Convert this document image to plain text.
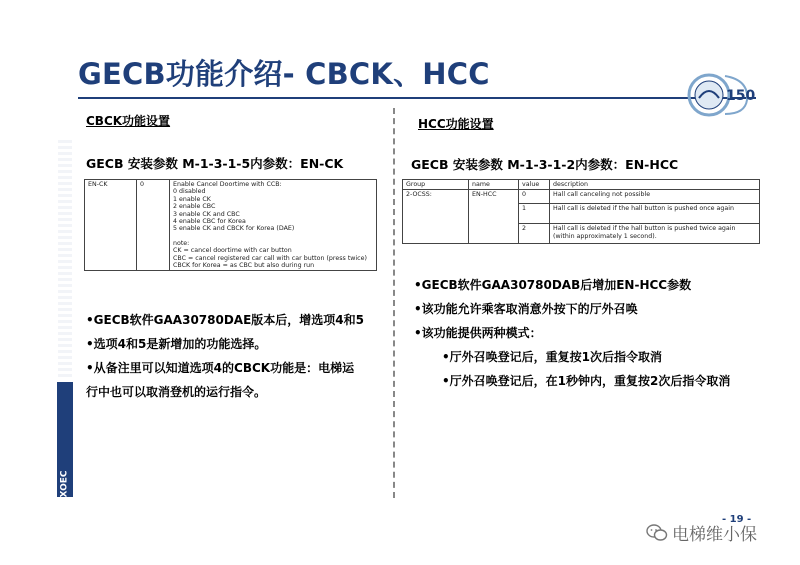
GECB功能介绍- CBCK、HCC
150
XOEC
CBCK功能设置
GECB 安装参数 M-1-3-1-5内参数：EN-CK
EN-CK	0	Enable Cancel Doortime with CCB:
0 disabled
1 enable CK
2 enable CBC
3 enable CK and CBC
4 enable CBC for Korea
5 enable CK and CBCK for Korea (DAE)
note:
CK = cancel doortime with car button
CBC = cancel registered car call with car button (press twice)
CBCK for Korea = as CBC but also during run

•GECB软件GAA30780DAE版本后，增选项4和5

•选项4和5是新增加的功能选择。

•从备注里可以知道选项4的CBCK功能是：电梯运

行中也可以取消登机的运行指令。

HCC功能设置
GECB 安装参数 M-1-3-1-2内参数：EN-HCC
Group	name	value	description
2-OCSS:	EN-HCC	0	Hall call canceling not possible
		1	Hall call is deleted if the hall button is pushed once again
		2	Hall call is deleted if the hall button is pushed twice again (within approximately 1 second).

•GECB软件GAA30780DAB后增加EN-HCC参数

•该功能允许乘客取消意外按下的厅外召唤

•该功能提供两种模式：

•厅外召唤登记后，重复按1次后指令取消

•厅外召唤登记后，在1秒钟内，重复按2次后指令取消

- 19 -
电梯维小保
